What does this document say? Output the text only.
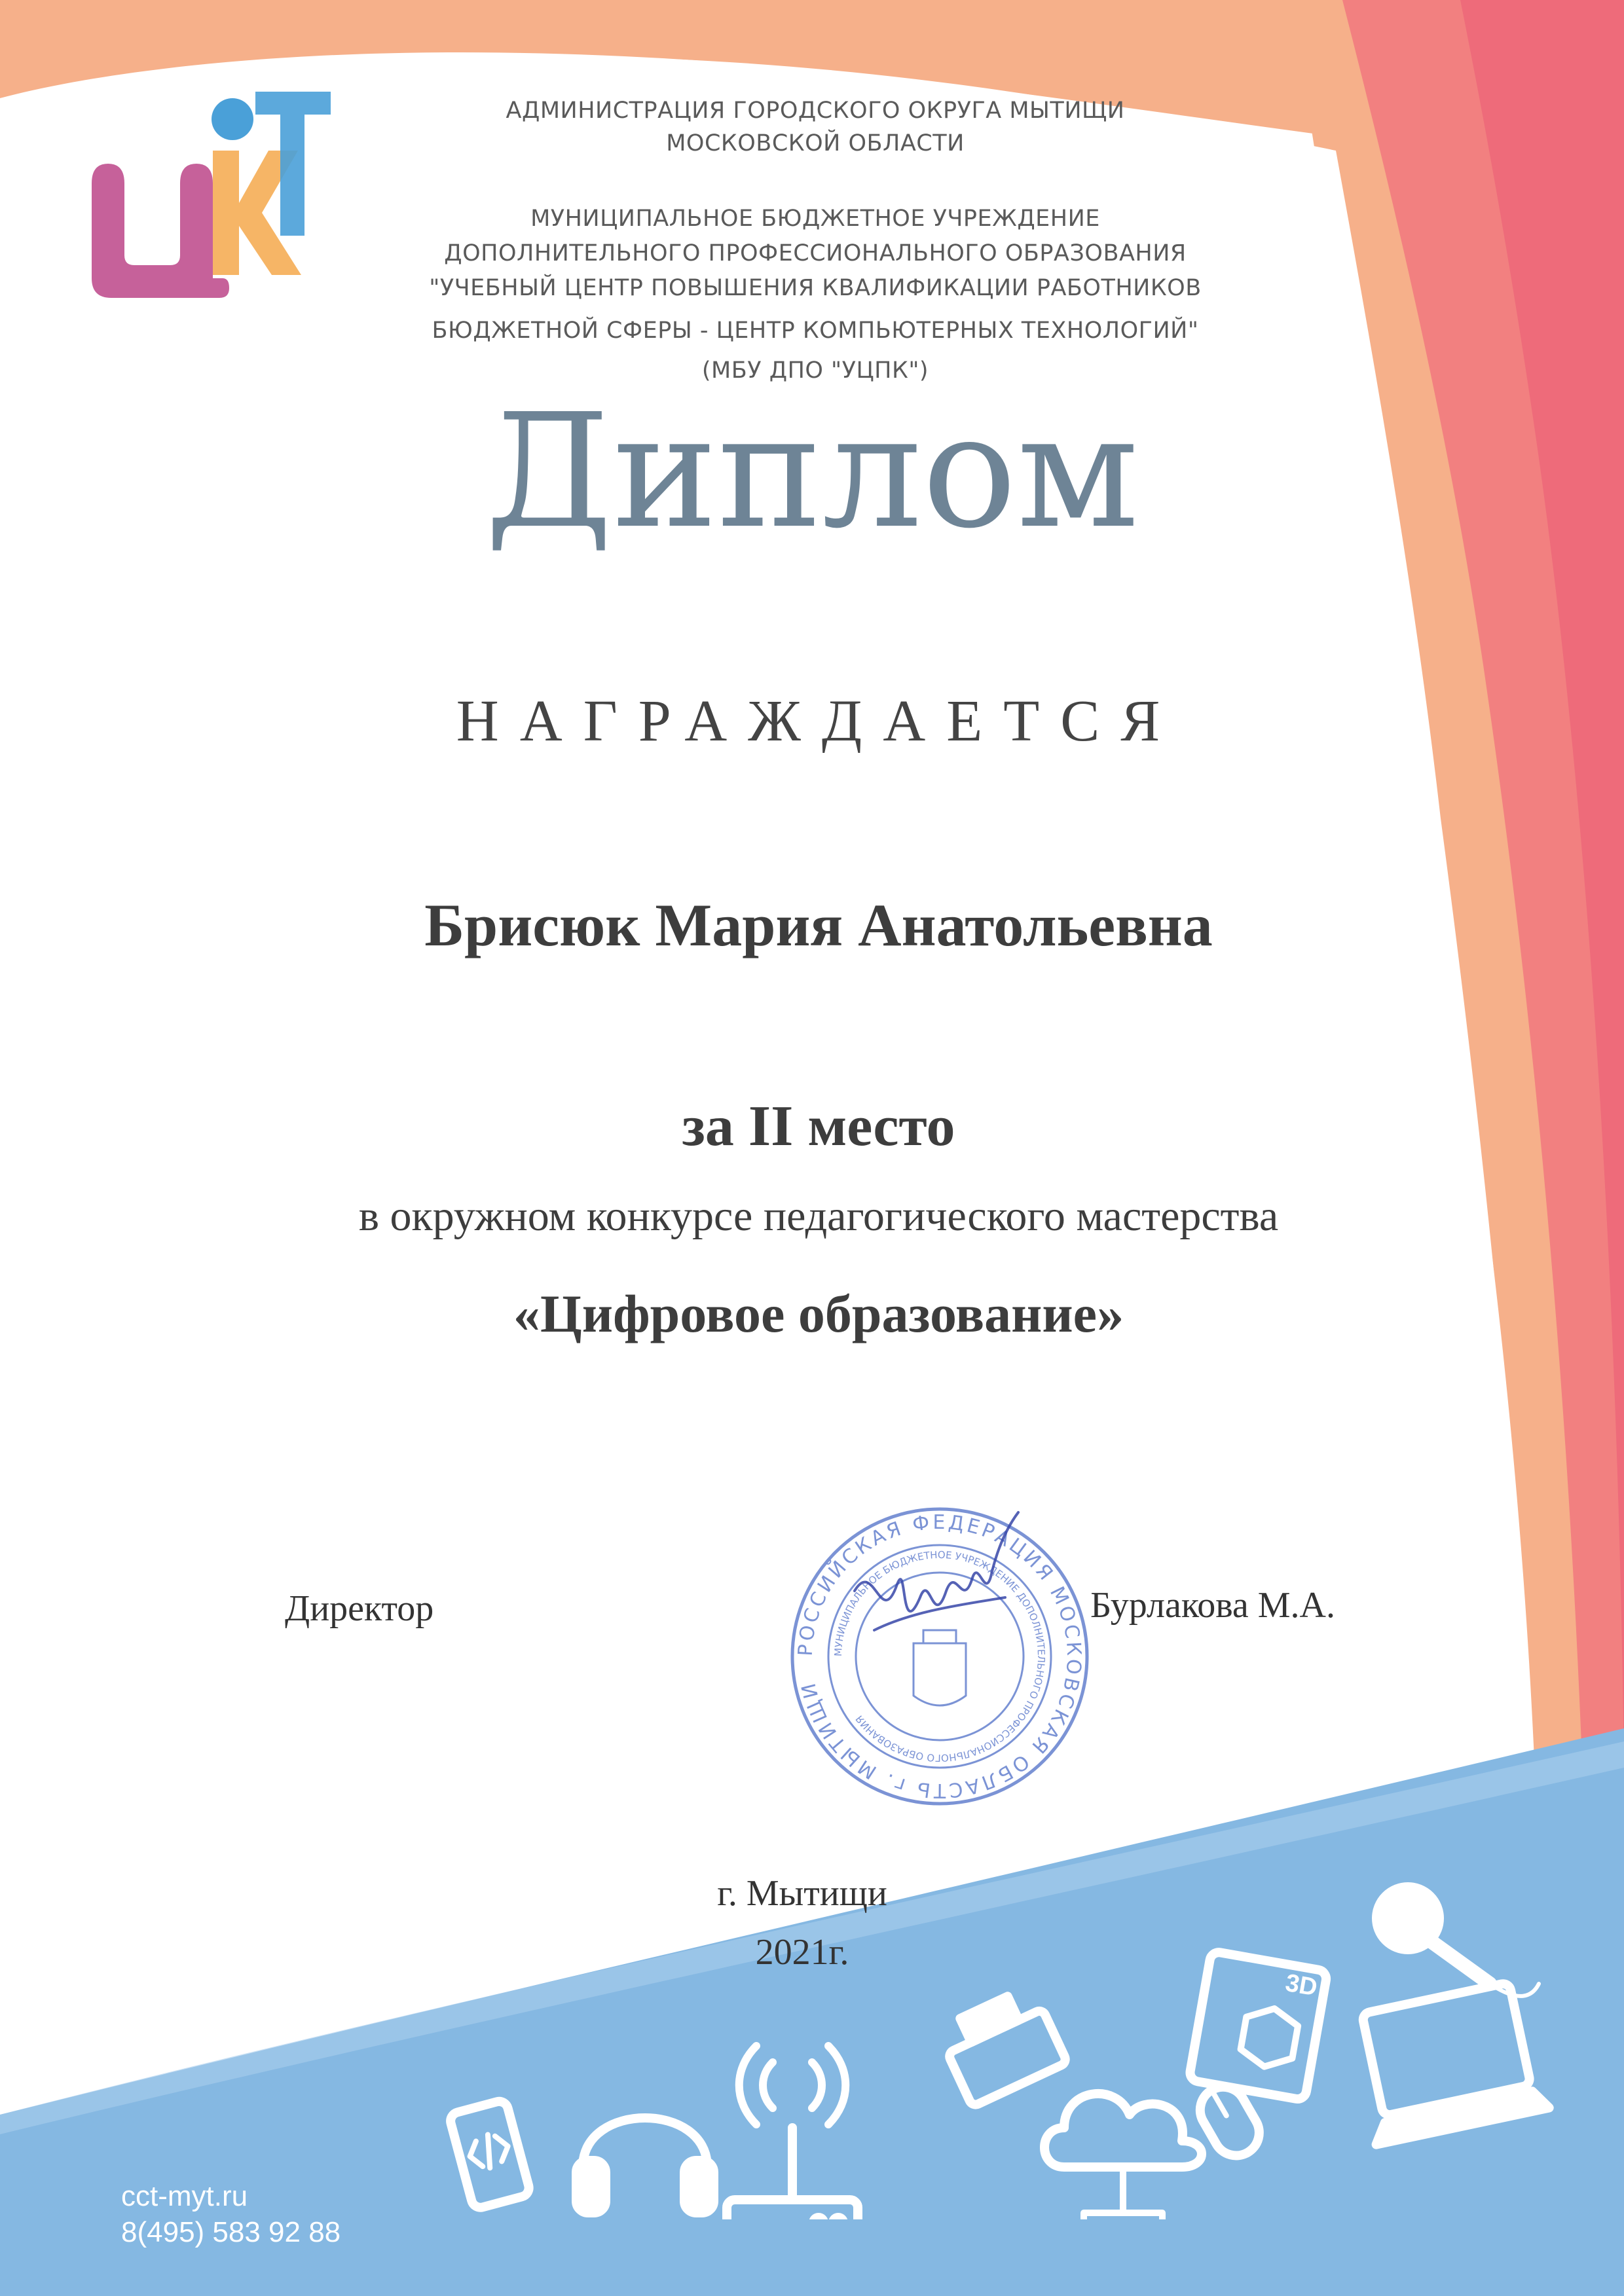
АДМИНИСТРАЦИЯ ГОРОДСКОГО ОКРУГА МЫТИЩИ
МОСКОВСКОЙ ОБЛАСТИ
МУНИЦИПАЛЬНОЕ БЮДЖЕТНОЕ УЧРЕЖДЕНИЕ
ДОПОЛНИТЕЛЬНОГО ПРОФЕССИОНАЛЬНОГО ОБРАЗОВАНИЯ
"УЧЕБНЫЙ ЦЕНТР ПОВЫШЕНИЯ КВАЛИФИКАЦИИ РАБОТНИКОВ
БЮДЖЕТНОЙ СФЕРЫ - ЦЕНТР КОМПЬЮТЕРНЫХ ТЕХНОЛОГИЙ"
(МБУ ДПО "УЦПК")
Диплом
НАГРАЖДАЕТСЯ
Брисюк Мария Анатольевна
за II место
в окружном конкурсе педагогического мастерства
«Цифровое образование»
Директор	Бурлакова М.А.
РОССИЙСКАЯ ФЕДЕРАЦИЯ МОСКОВСКАЯ ОБЛАСТЬ г. МЫТИЩИ
МУНИЦИПАЛЬНОЕ БЮДЖЕТНОЕ УЧРЕЖДЕНИЕ ДОПОЛНИТЕЛЬНОГО ПРОФЕССИОНАЛЬНОГО ОБРАЗОВАНИЯ
г. Мытищи
2021г.
cct-myt.ru
8(495) 583 92 88
3D
